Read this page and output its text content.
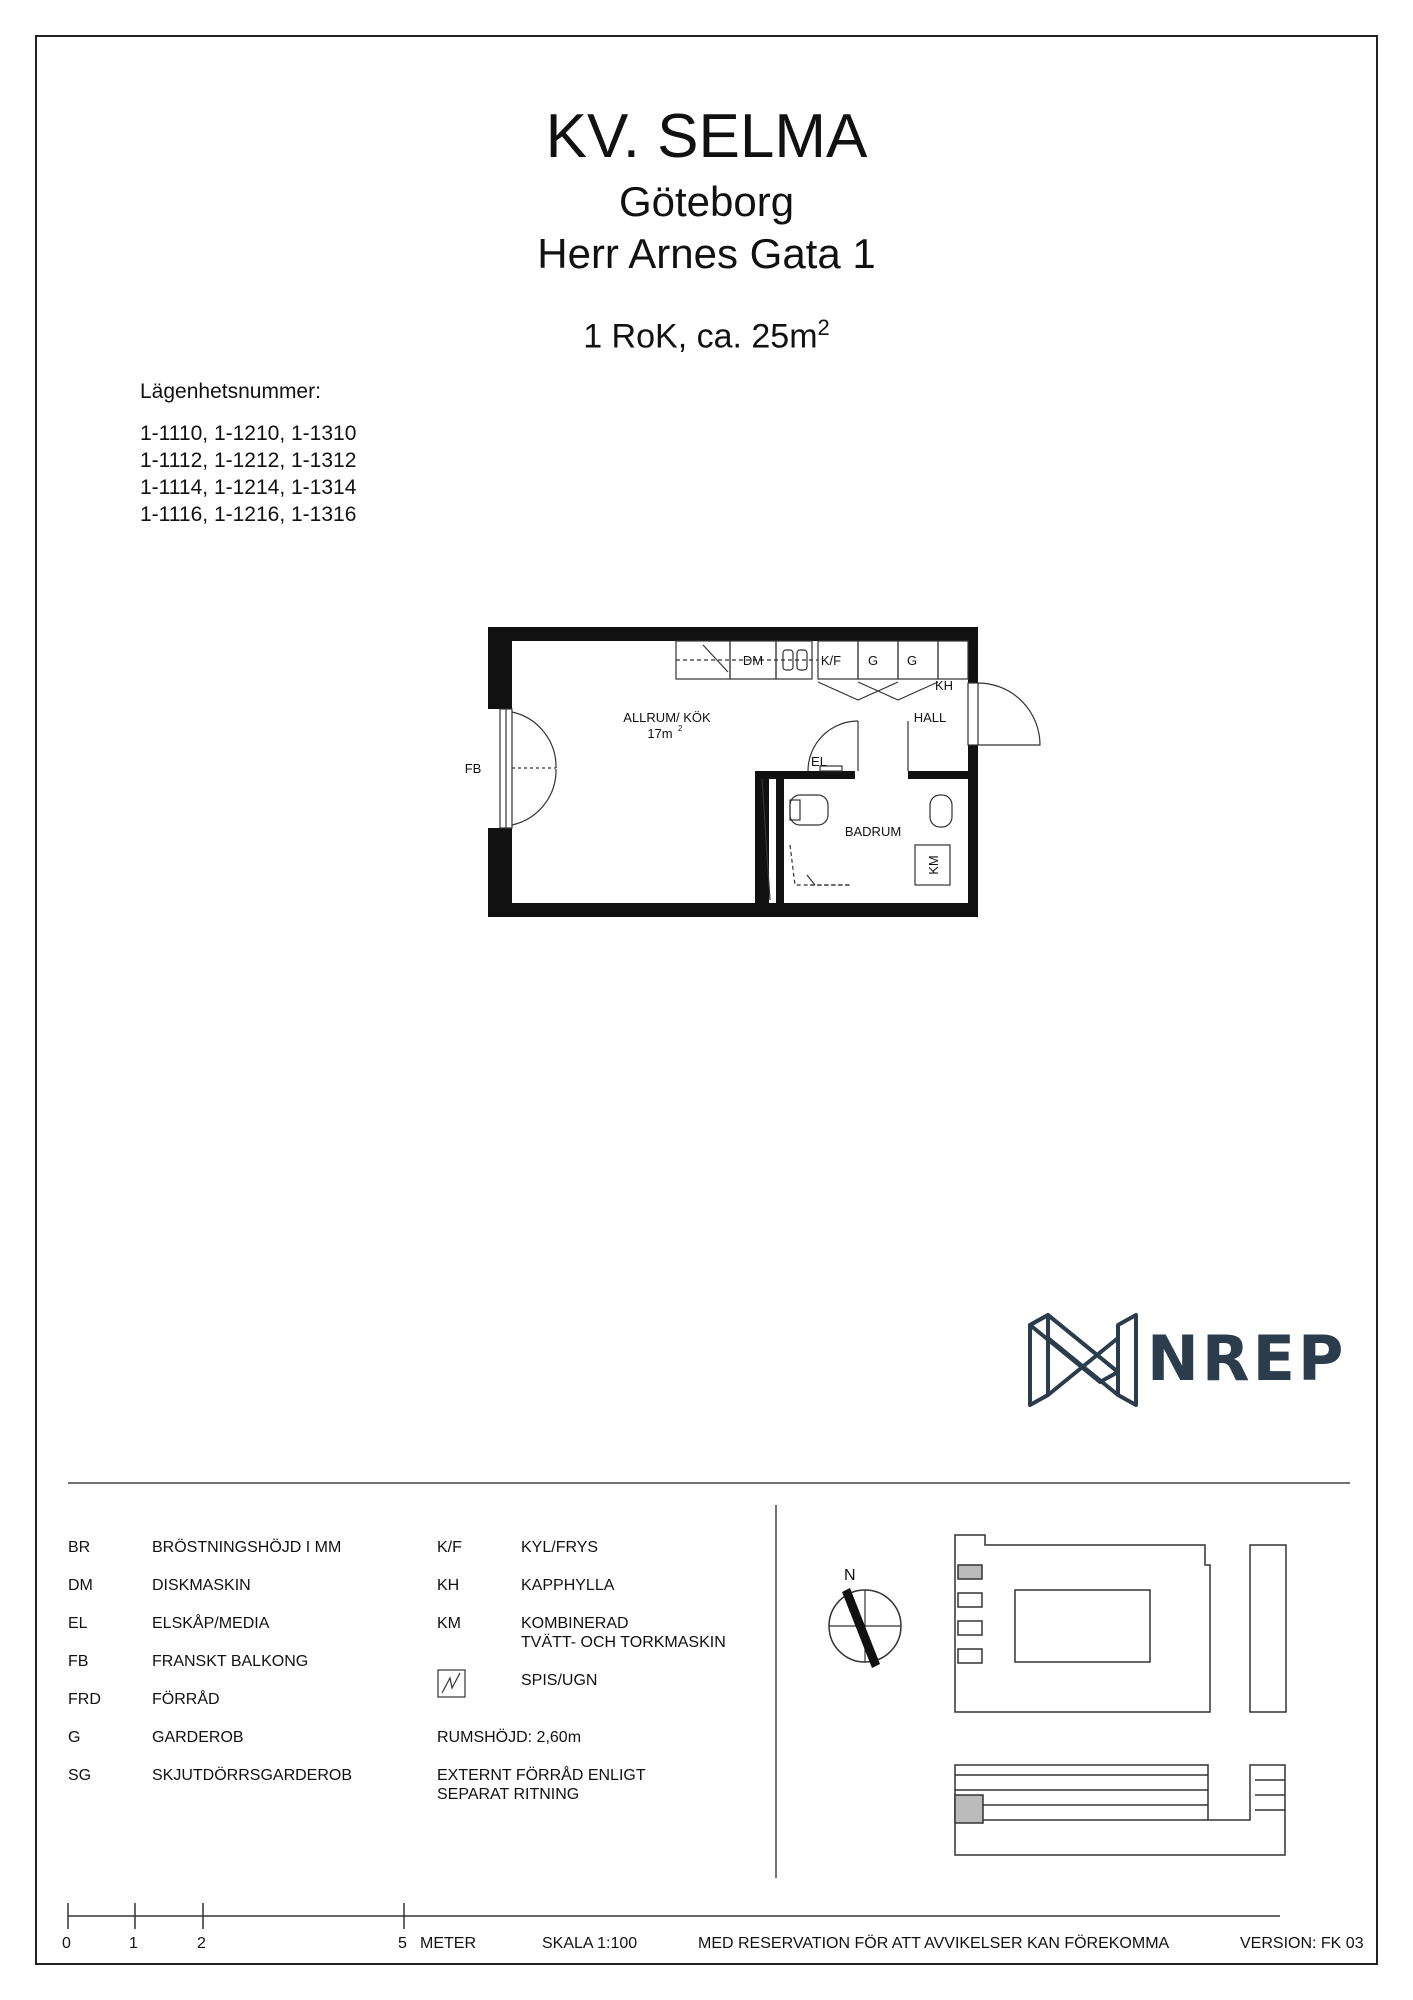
KV. SELMA
Göteborg
Herr Arnes Gata 1
1 RoK, ca. $25m^2$
Lägenhetsnummer:
1-1110, 1-1210, 1-1310
1-1112, 1-1212, 1-1312
1-1114, 1-1214, 1-1314
1-1116, 1-1216, 1-1316
ALLRUM/ KÖK
17m 2
DM	K/F G G
KH
HALL
EL
FB
BADRUM
KM
N
NREP
BR	BRÖSTNINGSHÖJD I MM
DM	DISKMASKIN
EL	ELSKÅP/MEDIA
FB	FRANSKT BALKONG
FRD	FÖRRÅD
G	GARDEROB
SG	SKJUTDÖRRSGARDEROB
K/F	KYL/FRYS
KH	KAPPHYLLA
KM	KOMBINERAD
TVÄTT- OCH TORKMASKIN
SPIS/UGN
RUMSHÖJD: 2,60m
EXTERNT FÖRRÅD ENLIGT
SEPARAT RITNING
0	1	2	5 METER	SKALA 1:100	MED RESERVATION FÖR ATT AVVIKELSER KAN FÖREKOMMA	VERSION: FK 03
